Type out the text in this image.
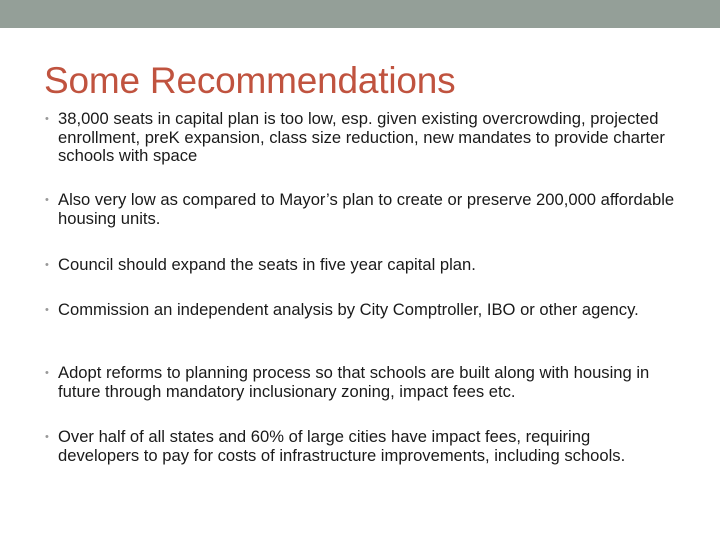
Some Recommendations
• 38,000 seats in capital plan is too low, esp. given existing overcrowding, projected enrollment, preK expansion, class size reduction, new mandates to provide charter schools with space
• Also very low as compared to Mayor’s plan to create or preserve 200,000 affordable housing units.
• Council should expand the seats in five year capital plan.
• Commission an independent analysis by City Comptroller, IBO or other agency.
• Adopt reforms to planning process so that schools are built along with housing in future through mandatory inclusionary zoning, impact fees etc.
• Over half of all states and 60% of large cities have impact fees, requiring developers to pay for costs of infrastructure improvements, including schools.
